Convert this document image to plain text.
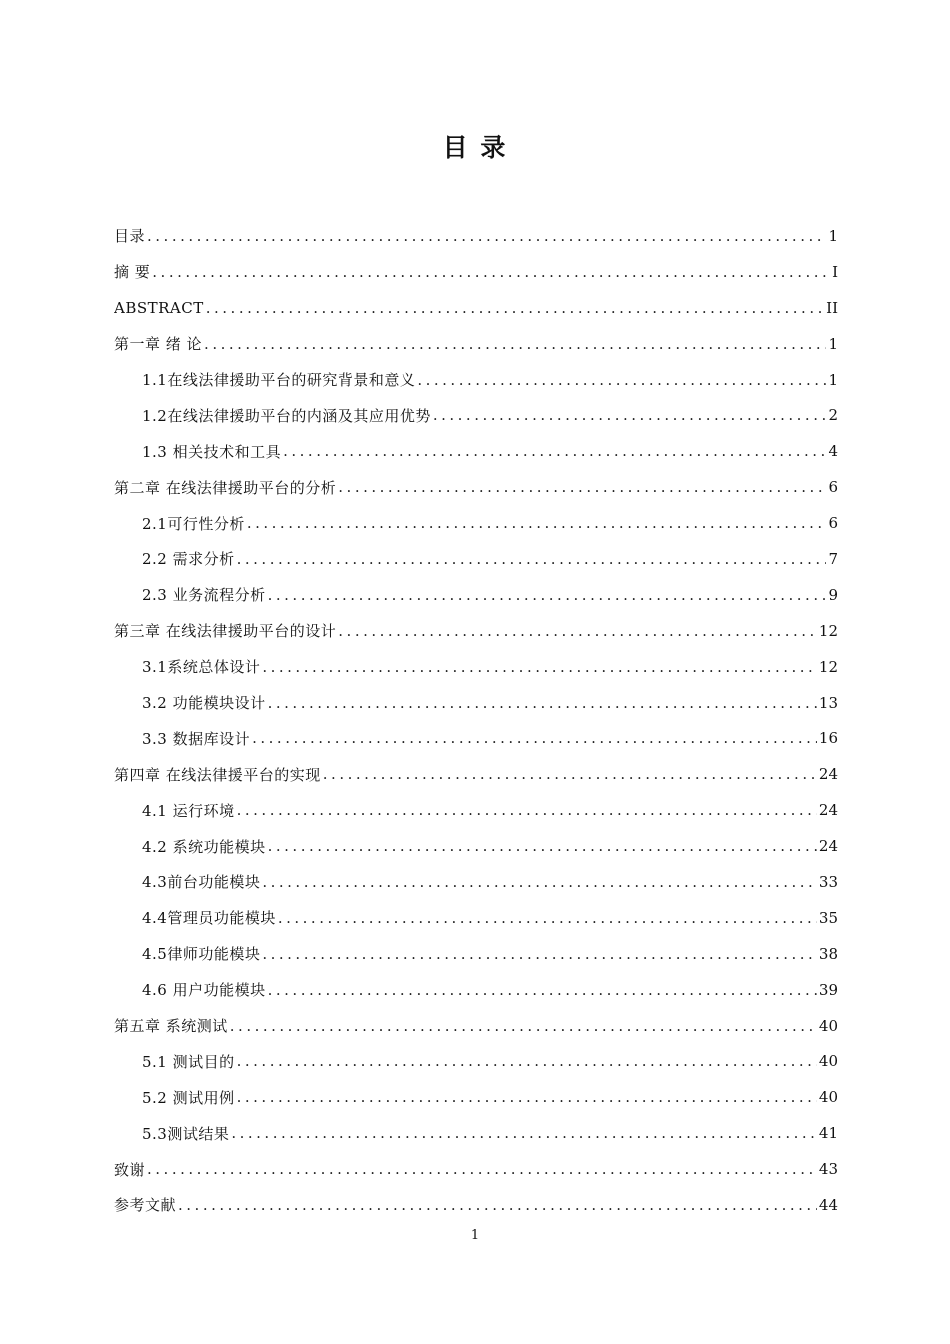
目 录
目录 .....	1
摘 要 .....	I
ABSTRACT .....	II
第一章 绪 论 .....	1
1.1在线法律援助平台的研究背景和意义 .....	1
1.2在线法律援助平台的内涵及其应用优势 .....	2
1.3 相关技术和工具 .....	4
第二章 在线法律援助平台的分析 .....	6
2.1可行性分析 .....	6
2.2 需求分析 .....	7
2.3 业务流程分析 .....	9
第三章 在线法律援助平台的设计 .....	12
3.1系统总体设计 .....	12
3.2 功能模块设计 .....	13
3.3 数据库设计 .....	16
第四章 在线法律援平台的实现 .....	24
4.1 运行环境 .....	24
4.2 系统功能模块 .....	24
4.3前台功能模块 .....	33
4.4管理员功能模块 .....	35
4.5律师功能模块 .....	38
4.6 用户功能模块 .....	39
第五章 系统测试 .....	40
5.1 测试目的 .....	40
5.2 测试用例 .....	40
5.3测试结果 .....	41
致谢 .....	43
参考文献 .....	44
1
